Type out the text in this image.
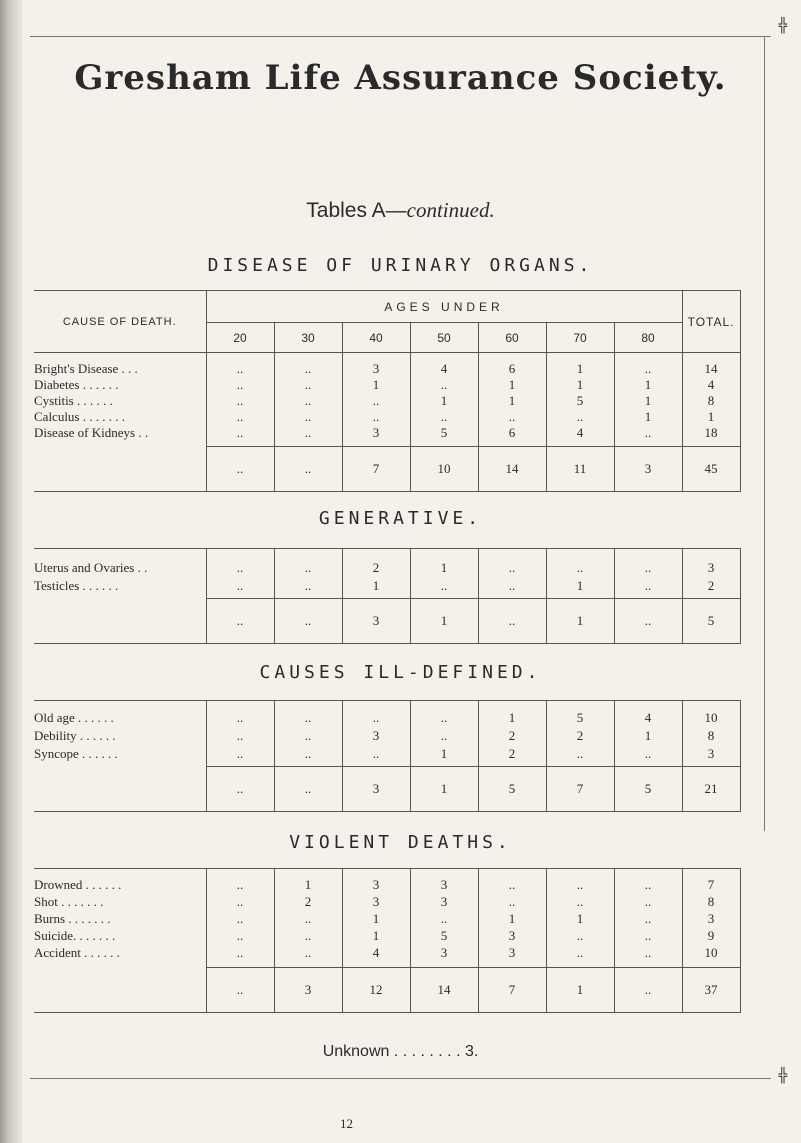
╬
╬
Gresham Life Assurance Society.
Tables A—continued.
DISEASE OF URINARY ORGANS.
CAUSE OF DEATH.	AGES UNDER							TOTAL.
	20	30	40	50	60	70	80	

Bright's Disease . . .	..	..	3	4	6	1	..	14
Diabetes . . . . . .	..	..	1	..	1	1	1	4
Cystitis . . . . . .	..	..	..	1	1	5	1	8
Calculus . . . . . . .	..	..	..	..	..	..	1	1
Disease of Kidneys . .	..	..	3	5	6	4	..	18

	..	..	7	10	14	11	3	45

GENERATIVE.

Uterus and Ovaries . .	..	..	2	1	..	..	..	3
Testicles . . . . . .	..	..	1	..	..	1	..	2

	..	..	3	1	..	1	..	5

CAUSES ILL-DEFINED.

Old age . . . . . .	..	..	..	..	1	5	4	10
Debility . . . . . .	..	..	3	..	2	2	1	8
Syncope . . . . . .	..	..	..	1	2	..	..	3

	..	..	3	1	5	7	5	21

VIOLENT DEATHS.

Drowned . . . . . .	..	1	3	3	..	..	..	7
Shot . . . . . . .	..	2	3	3	..	..	..	8
Burns . . . . . . .	..	..	1	..	1	1	..	3
Suicide. . . . . . .	..	..	1	5	3	..	..	9
Accident . . . . . .	..	..	4	3	3	..	..	10

	..	3	12	14	7	1	..	37

Unknown . . . . . . . . 3.
12
